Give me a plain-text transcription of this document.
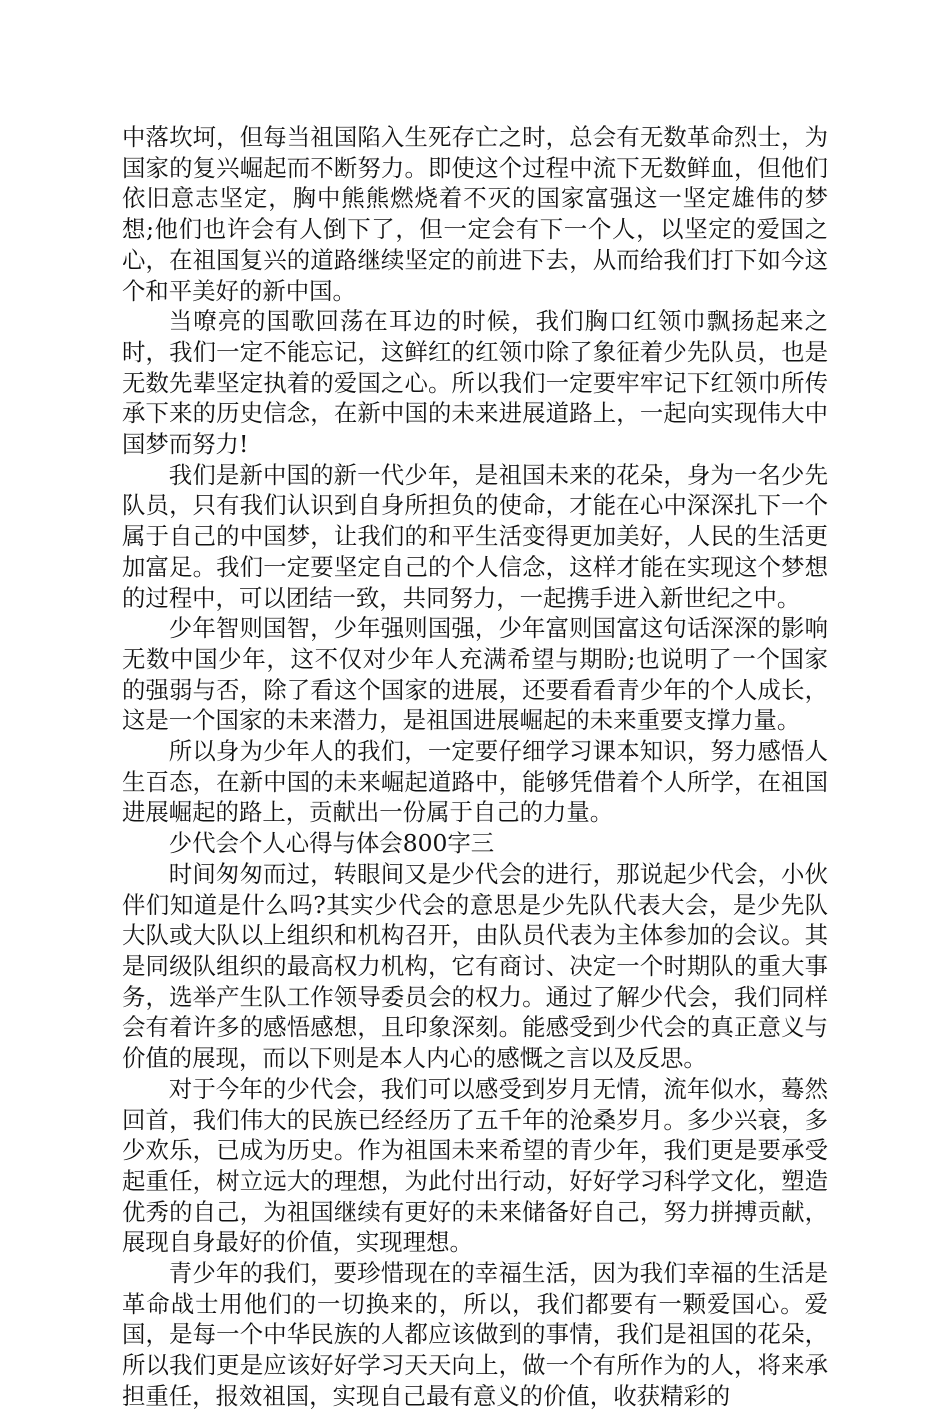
中落坎坷，但每当祖国陷入生死存亡之时，总会有无数革命烈士，为国家的复兴崛起而不断努力。即使这个过程中流下无数鲜血，但他们依旧意志坚定，胸中熊熊燃烧着不灭的国家富强这一坚定雄伟的梦想;他们也许会有人倒下了，但一定会有下一个人，以坚定的爱国之心，在祖国复兴的道路继续坚定的前进下去，从而给我们打下如今这个和平美好的新中国。

当嘹亮的国歌回荡在耳边的时候，我们胸口红领巾飘扬起来之时，我们一定不能忘记，这鲜红的红领巾除了象征着少先队员，也是无数先辈坚定执着的爱国之心。所以我们一定要牢牢记下红领巾所传承下来的历史信念，在新中国的未来进展道路上，一起向实现伟大中国梦而努力!

我们是新中国的新一代少年，是祖国未来的花朵，身为一名少先队员，只有我们认识到自身所担负的使命，才能在心中深深扎下一个属于自己的中国梦，让我们的和平生活变得更加美好，人民的生活更加富足。我们一定要坚定自己的个人信念，这样才能在实现这个梦想的过程中，可以团结一致，共同努力，一起携手进入新世纪之中。

少年智则国智，少年强则国强，少年富则国富这句话深深的影响无数中国少年，这不仅对少年人充满希望与期盼;也说明了一个国家的强弱与否，除了看这个国家的进展，还要看看青少年的个人成长，这是一个国家的未来潜力，是祖国进展崛起的未来重要支撑力量。

所以身为少年人的我们，一定要仔细学习课本知识，努力感悟人生百态，在新中国的未来崛起道路中，能够凭借着个人所学，在祖国进展崛起的路上，贡献出一份属于自己的力量。

少代会个人心得与体会800字三

时间匆匆而过，转眼间又是少代会的进行，那说起少代会，小伙伴们知道是什么吗?其实少代会的意思是少先队代表大会，是少先队大队或大队以上组织和机构召开，由队员代表为主体参加的会议。其是同级队组织的最高权力机构，它有商讨、决定一个时期队的重大事务，选举产生队工作领导委员会的权力。通过了解少代会，我们同样会有着许多的感悟感想，且印象深刻。能感受到少代会的真正意义与价值的展现，而以下则是本人内心的感慨之言以及反思。

对于今年的少代会，我们可以感受到岁月无情，流年似水，蓦然回首，我们伟大的民族已经经历了五千年的沧桑岁月。多少兴衰，多少欢乐，已成为历史。作为祖国未来希望的青少年，我们更是要承受起重任，树立远大的理想，为此付出行动，好好学习科学文化，塑造优秀的自己，为祖国继续有更好的未来储备好自己，努力拼搏贡献，展现自身最好的价值，实现理想。

青少年的我们，要珍惜现在的幸福生活，因为我们幸福的生活是革命战士用他们的一切换来的，所以，我们都要有一颗爱国心。爱国，是每一个中华民族的人都应该做到的事情，我们是祖国的花朵，所以我们更是应该好好学习天天向上，做一个有所作为的人，将来承担重任，报效祖国，实现自己最有意义的价值，收获精彩的
